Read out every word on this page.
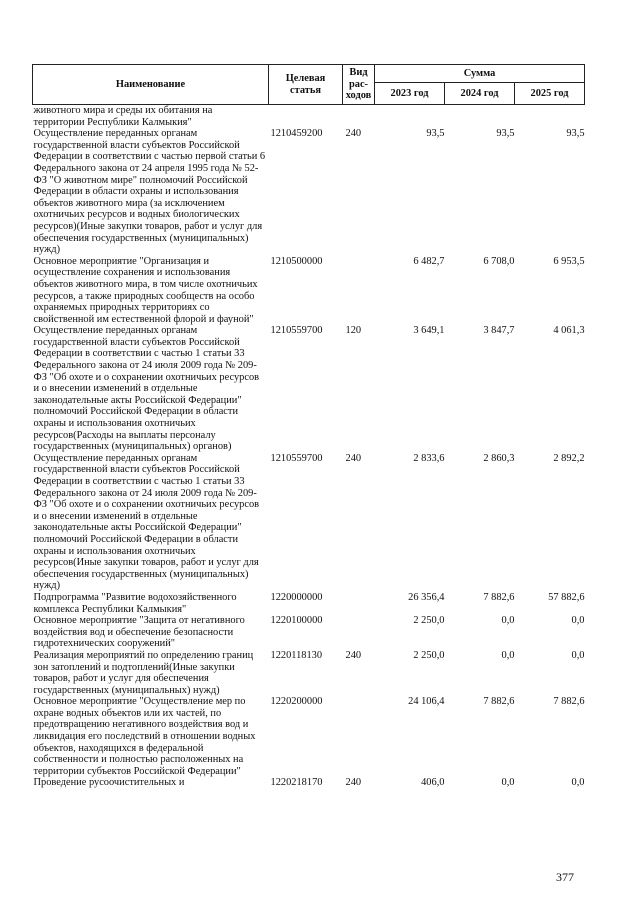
Наименование	Целевая статья	Вид рас-ходов	Сумма		
			2023 год	2024 год	2025 год
животного мира и среды их обитания на территории Республики Калмыкия"					
Осуществление переданных органам государственной власти субъектов Российской Федерации в соответствии с частью первой статьи 6 Федерального закона от 24 апреля 1995 года № 52-ФЗ "О животном мире" полномочий Российской Федерации в области охраны и использования объектов животного мира (за исключением охотничьих ресурсов и водных биологических ресурсов)(Иные закупки товаров, работ и услуг для обеспечения государственных (муниципальных) нужд)	1210459200	240	93,5	93,5	93,5
Основное мероприятие "Организация и осуществление сохранения и использования объектов животного мира, в том числе охотничьих ресурсов, а также природных сообществ на особо охраняемых природных территориях со свойственной им естественной флорой и фауной"	1210500000		6 482,7	6 708,0	6 953,5
Осуществление переданных органам государственной власти субъектов Российской Федерации в соответствии с частью 1 статьи 33 Федерального закона от 24 июля 2009 года № 209-ФЗ "Об охоте и о сохранении охотничьих ресурсов и о внесении изменений в отдельные законодательные акты Российской Федерации" полномочий Российской Федерации в области охраны и использования охотничьих ресурсов(Расходы на выплаты персоналу государственных (муниципальных) органов)	1210559700	120	3 649,1	3 847,7	4 061,3
Осуществление переданных органам государственной власти субъектов Российской Федерации в соответствии с частью 1 статьи 33 Федерального закона от 24 июля 2009 года № 209-ФЗ "Об охоте и о сохранении охотничьих ресурсов и о внесении изменений в отдельные законодательные акты Российской Федерации" полномочий Российской Федерации в области охраны и использования охотничьих ресурсов(Иные закупки товаров, работ и услуг для обеспечения государственных (муниципальных) нужд)	1210559700	240	2 833,6	2 860,3	2 892,2
Подпрограмма "Развитие водохозяйственного комплекса Республики Калмыкия"	1220000000		26 356,4	7 882,6	57 882,6
Основное мероприятие "Защита от негативного воздействия вод и обеспечение безопасности гидротехнических сооружений"	1220100000		2 250,0	0,0	0,0
Реализация мероприятий по определению границ зон затоплений и подтоплений(Иные закупки товаров, работ и услуг для обеспечения государственных (муниципальных) нужд)	1220118130	240	2 250,0	0,0	0,0
Основное мероприятие "Осуществление мер по охране водных объектов или их частей, по предотвращению негативного воздействия вод и ликвидация его последствий в отношении водных объектов, находящихся в федеральной собственности и полностью расположенных на территории субъектов Российской Федерации"	1220200000		24 106,4	7 882,6	7 882,6
Проведение русоочистительных и	1220218170	240	406,0	0,0	0,0
377
